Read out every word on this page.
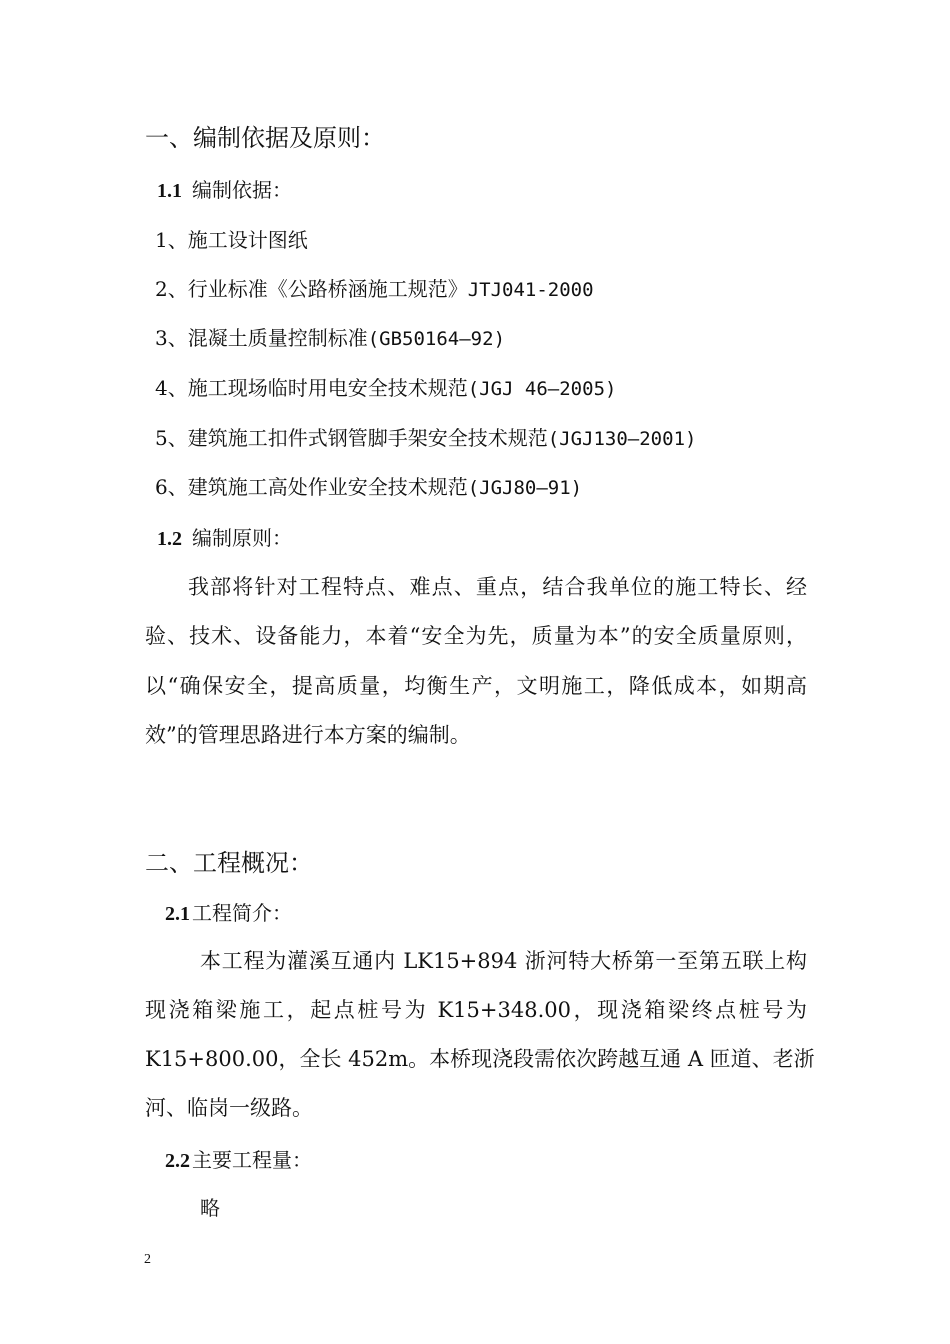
一、编制依据及原则：
1.1 编制依据：
1、施工设计图纸
2、行业标准《公路桥涵施工规范》JTJ041-2000
3、混凝土质量控制标准(GB50164—92)
4、施工现场临时用电安全技术规范(JGJ 46—2005)
5、建筑施工扣件式钢管脚手架安全技术规范(JGJ130—2001)
6、建筑施工高处作业安全技术规范(JGJ80—91)
1.2 编制原则：
我部将针对工程特点、难点、重点，结合我单位的施工特长、经
验、技术、设备能力，本着“安全为先，质量为本”的安全质量原则，
以“确保安全，提高质量，均衡生产，文明施工，降低成本，如期高
效”的管理思路进行本方案的编制。
二、工程概况：
2.1 工程简介：
本工程为灌溪互通内 LK15+894 浙河特大桥第一至第五联上构
现浇箱梁施工，起点桩号为 K15+348.00，现浇箱梁终点桩号为
K15+800.00，全长 452m。本桥现浇段需依次跨越互通 A 匝道、老浙
河、临岗一级路。
2.2 主要工程量：
略
2
